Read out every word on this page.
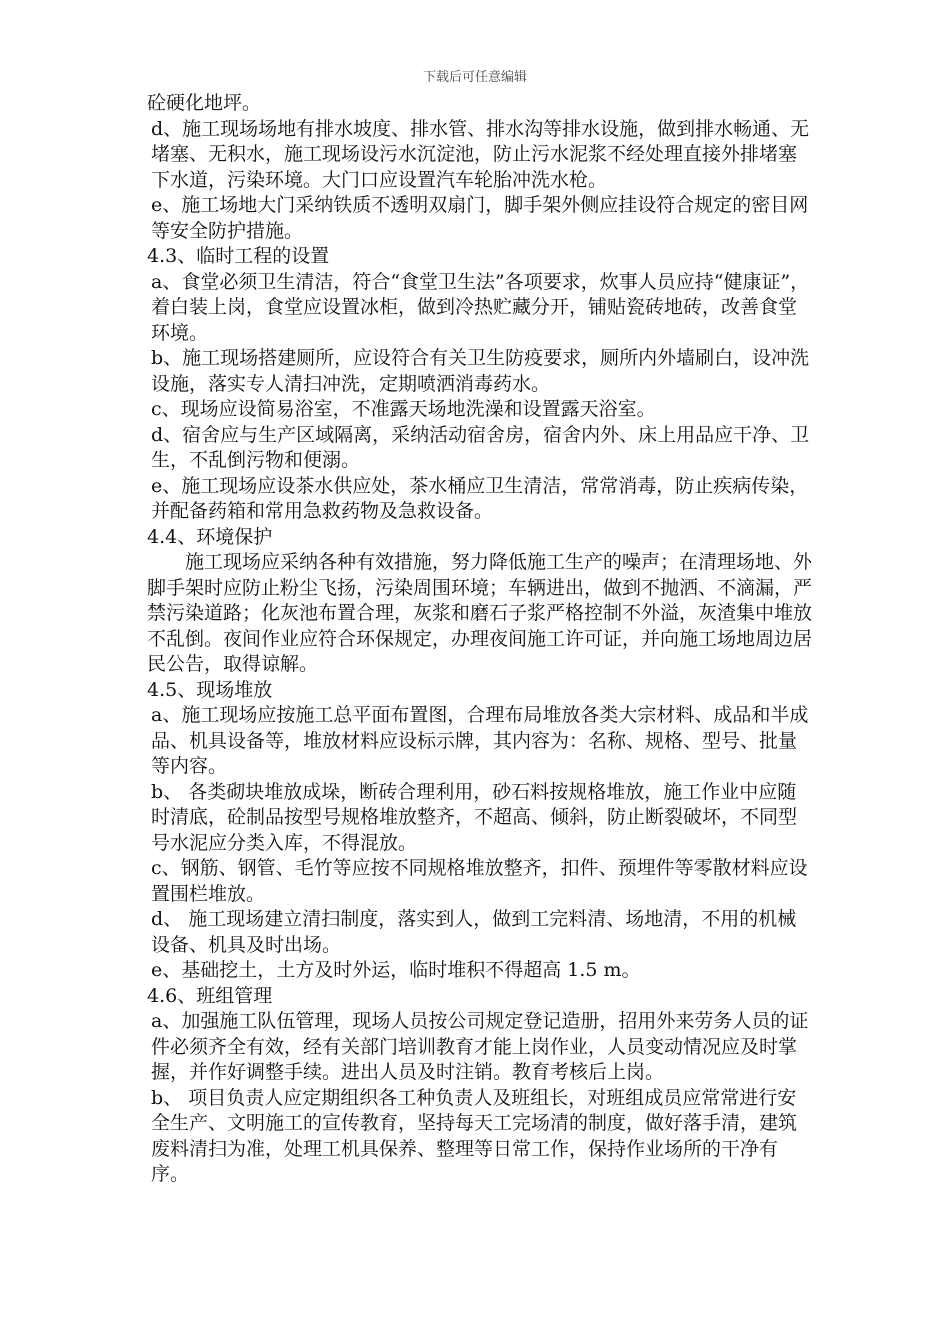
下载后可任意编辑

砼硬化地坪。

d、施工现场场地有排水坡度、排水管、排水沟等排水设施，做到排水畅通、无堵塞、无积水，施工现场设污水沉淀池，防止污水泥浆不经处理直接外排堵塞下水道，污染环境。大门口应设置汽车轮胎冲洗水枪。

e、施工场地大门采纳铁质不透明双扇门，脚手架外侧应挂设符合规定的密目网等安全防护措施。

4.3、临时工程的设置

a、食堂必须卫生清洁，符合“食堂卫生法”各项要求，炊事人员应持“健康证”，着白装上岗，食堂应设置冰柜，做到冷热贮藏分开，铺贴瓷砖地砖，改善食堂环境。

b、施工现场搭建厕所，应设符合有关卫生防疫要求，厕所内外墙刷白，设冲洗设施，落实专人清扫冲洗，定期喷洒消毒药水。

c、现场应设简易浴室，不准露天场地洗澡和设置露天浴室。

d、宿舍应与生产区域隔离，采纳活动宿舍房，宿舍内外、床上用品应干净、卫生，不乱倒污物和便溺。

e、施工现场应设茶水供应处，茶水桶应卫生清洁，常常消毒，防止疾病传染，并配备药箱和常用急救药物及急救设备。

4.4、环境保护

施工现场应采纳各种有效措施，努力降低施工生产的噪声；在清理场地、外脚手架时应防止粉尘飞扬，污染周围环境；车辆进出，做到不抛洒、不滴漏，严禁污染道路；化灰池布置合理，灰浆和磨石子浆严格控制不外溢，灰渣集中堆放不乱倒。夜间作业应符合环保规定，办理夜间施工许可证，并向施工场地周边居民公告，取得谅解。

4.5、现场堆放

a、施工现场应按施工总平面布置图，合理布局堆放各类大宗材料、成品和半成品、机具设备等，堆放材料应设标示牌，其内容为：名称、规格、型号、批量等内容。

b、 各类砌块堆放成垛，断砖合理利用，砂石料按规格堆放，施工作业中应随时清底，砼制品按型号规格堆放整齐，不超高、倾斜，防止断裂破坏，不同型号水泥应分类入库，不得混放。

c、钢筋、钢管、毛竹等应按不同规格堆放整齐，扣件、预埋件等零散材料应设置围栏堆放。

d、 施工现场建立清扫制度，落实到人，做到工完料清、场地清，不用的机械设备、机具及时出场。

e、基础挖土，土方及时外运，临时堆积不得超高 1.5 m。

4.6、班组管理

a、加强施工队伍管理，现场人员按公司规定登记造册，招用外来劳务人员的证件必须齐全有效，经有关部门培训教育才能上岗作业，人员变动情况应及时掌握，并作好调整手续。进出人员及时注销。教育考核后上岗。

b、 项目负责人应定期组织各工种负责人及班组长，对班组成员应常常进行安全生产、文明施工的宣传教育，坚持每天工完场清的制度，做好落手清，建筑废料清扫为准，处理工机具保养、整理等日常工作，保持作业场所的干净有序。
